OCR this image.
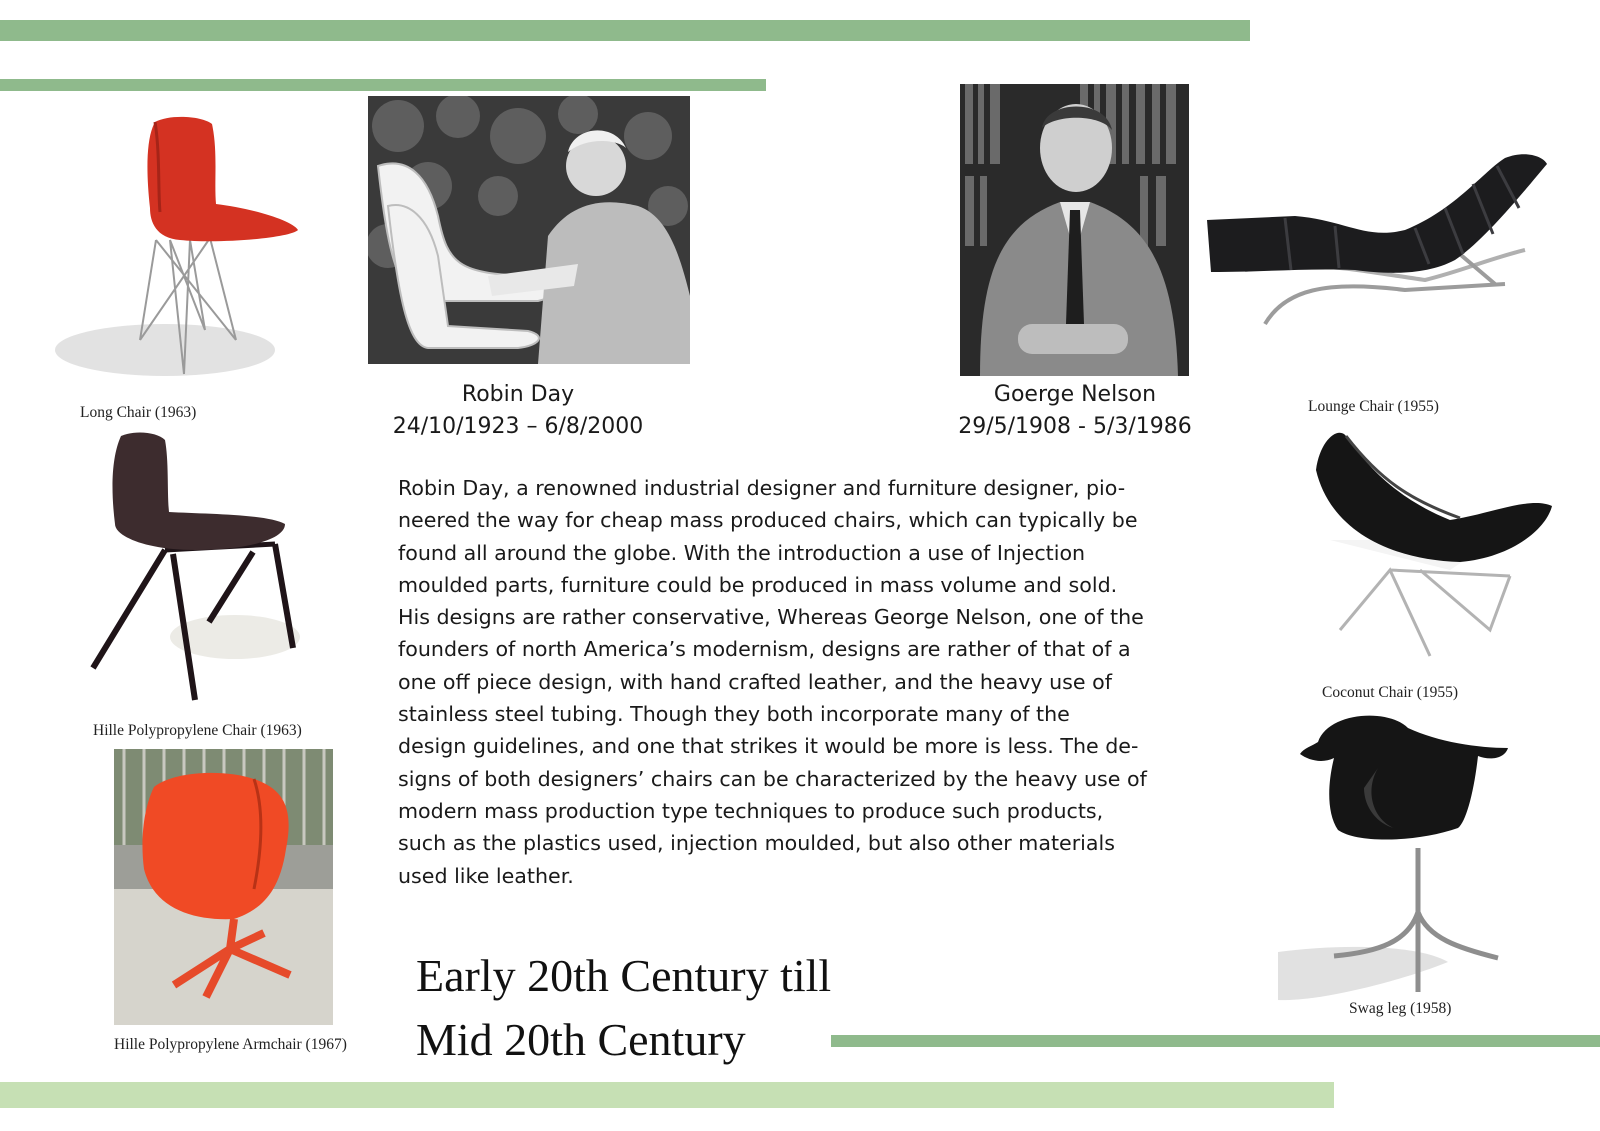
Long Chair (1963)
Robin Day
24/10/1923 – 6/8/2000
Goerge Nelson
29/5/1908 - 5/3/1986
Lounge Chair (1955)
Hille Polypropylene Chair (1963)
Coconut Chair (1955)
Swag leg (1958)
Hille Polypropylene Armchair (1967)
Robin Day, a renowned industrial designer and furniture designer, pio-
neered the way for cheap mass produced chairs, which can typically be
found all around the globe. With the introduction a use of Injection
moulded parts, furniture could be produced in mass volume and sold.
His designs are rather conservative, Whereas George Nelson, one of the
founders of north America’s modernism, designs are rather of that of a
one off piece design, with hand crafted leather, and the heavy use of
stainless steel tubing. Though they both incorporate many of the
design guidelines, and one that strikes it would be more is less. The de-
signs of both designers’ chairs can be characterized by the heavy use of
modern mass production type techniques to produce such products,
such as the plastics used, injection moulded, but also other materials
used like leather.
Early 20th Century till
Mid 20th Century
